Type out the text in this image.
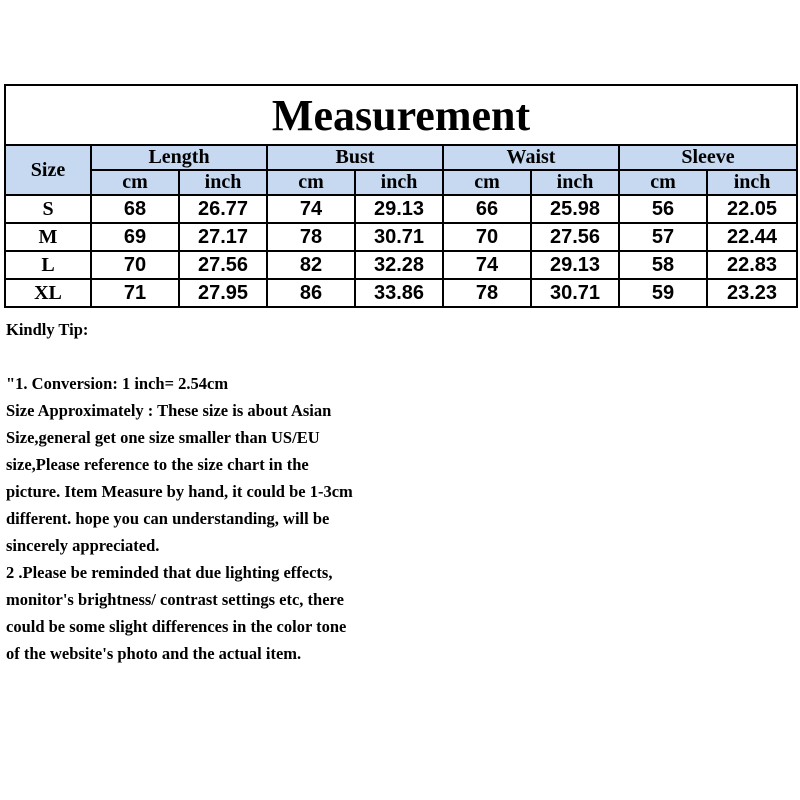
Measurement								
Size	Length		Bust		Waist		Sleeve	
	cm	inch	cm	inch	cm	inch	cm	inch
S	68	26.77	74	29.13	66	25.98	56	22.05
M	69	27.17	78	30.71	70	27.56	57	22.44
L	70	27.56	82	32.28	74	29.13	58	22.83
XL	71	27.95	86	33.86	78	30.71	59	23.23
Kindly Tip:
"1. Conversion: 1 inch= 2.54cm
Size Approximately : These size is about Asian
Size,general get one size smaller than US/EU
size,Please reference to the size chart in the
picture. Item Measure by hand, it could be 1-3cm
different. hope you can understanding, will be
sincerely appreciated.
2 .Please be reminded that due lighting effects,
monitor's brightness/ contrast settings etc, there
could be some slight differences in the color tone
of the website's photo and the actual item.
